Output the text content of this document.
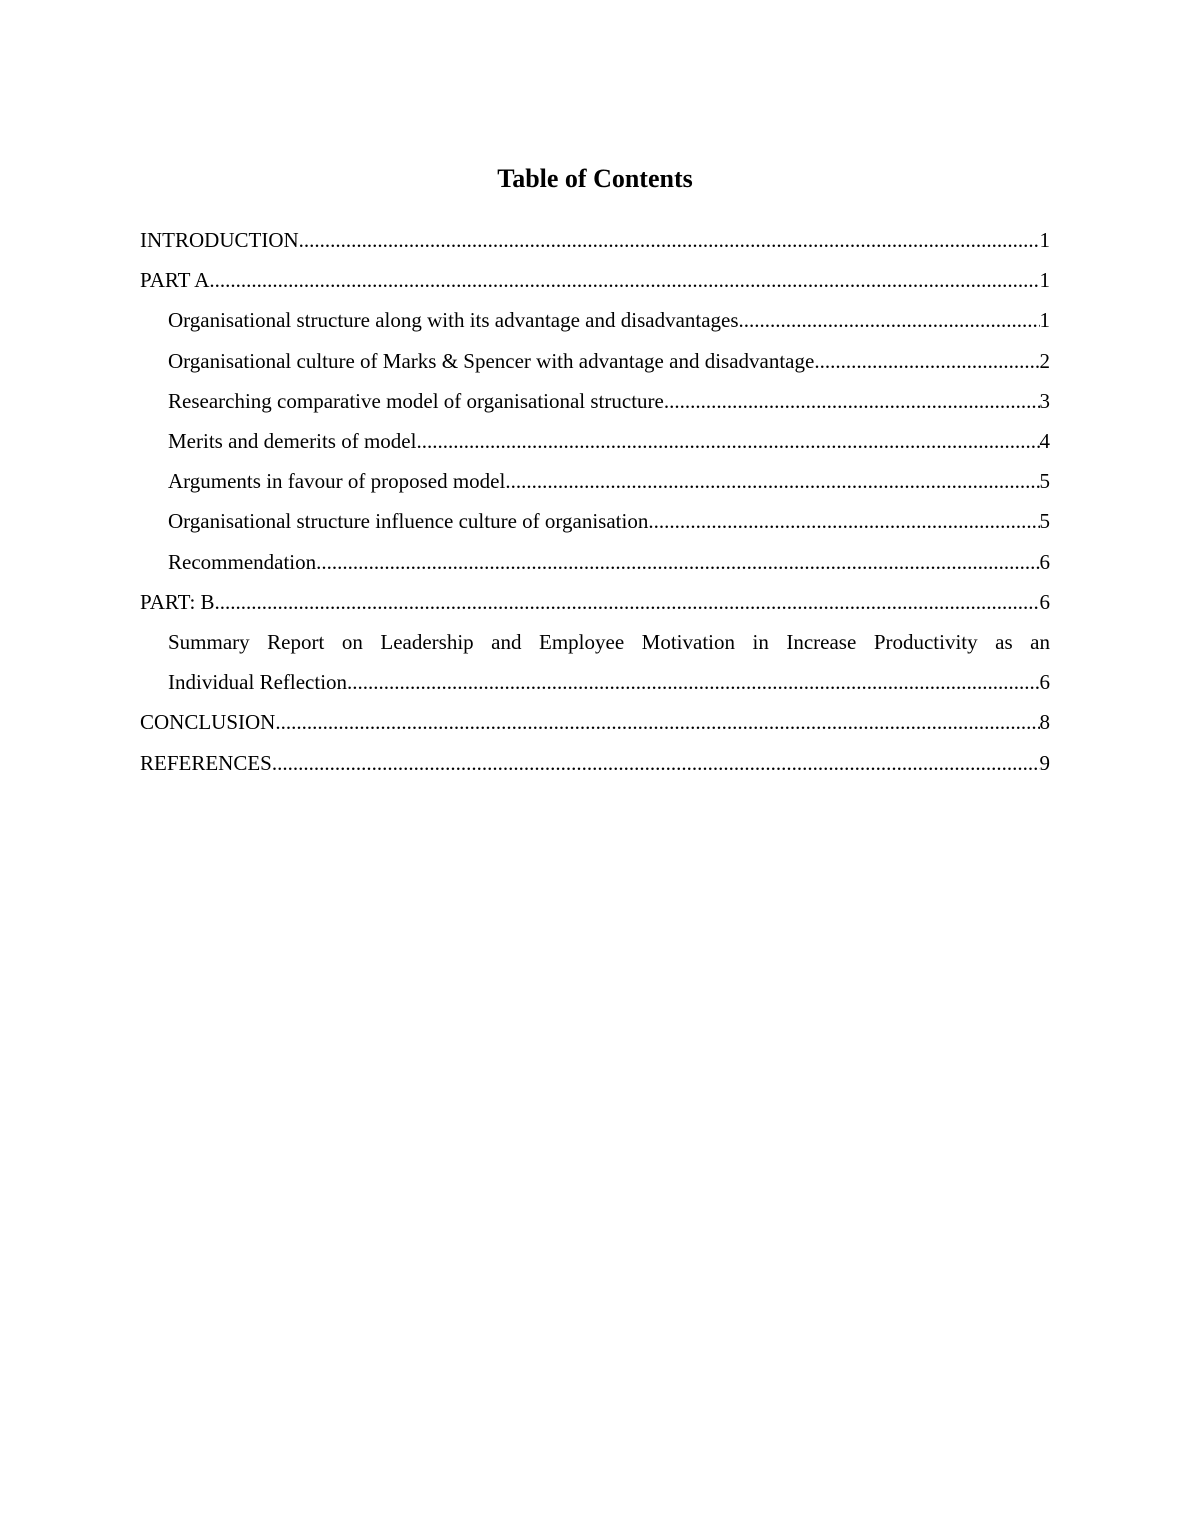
Table of Contents
INTRODUCTION .....	1
PART A .....	1
Organisational structure along with its advantage and disadvantages .....	1
Organisational culture of Marks & Spencer with advantage and disadvantage .....	2
Researching comparative model of organisational structure .....	3
Merits and demerits of model .....	4
Arguments in favour of proposed model .....	5
Organisational structure influence culture of organisation .....	5
Recommendation .....	6
PART: B .....	6
Summary Report on Leadership and Employee Motivation in Increase Productivity as an
Individual Reflection .....	6
CONCLUSION .....	8
REFERENCES .....	9
